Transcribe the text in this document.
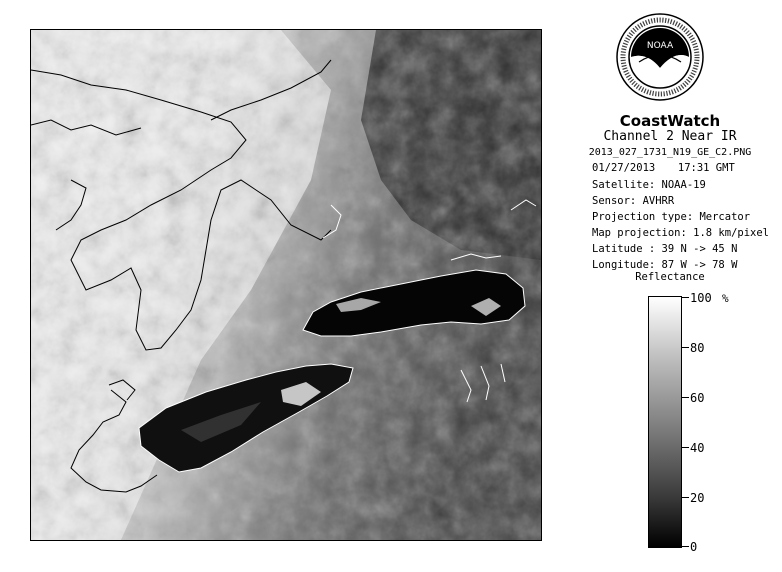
NOAA
CoastWatch
Channel 2 Near IR
2013_027_1731_N19_GE_C2.PNG
01/27/2013 17:31 GMT
Satellite: NOAA-19
Sensor: AVHRR
Projection type: Mercator
Map projection: 1.8 km/pixel
Latitude : 39 N -> 45 N
Longitude: 87 W -> 78 W
Reflectance
%
100
80
60
40
20
0
